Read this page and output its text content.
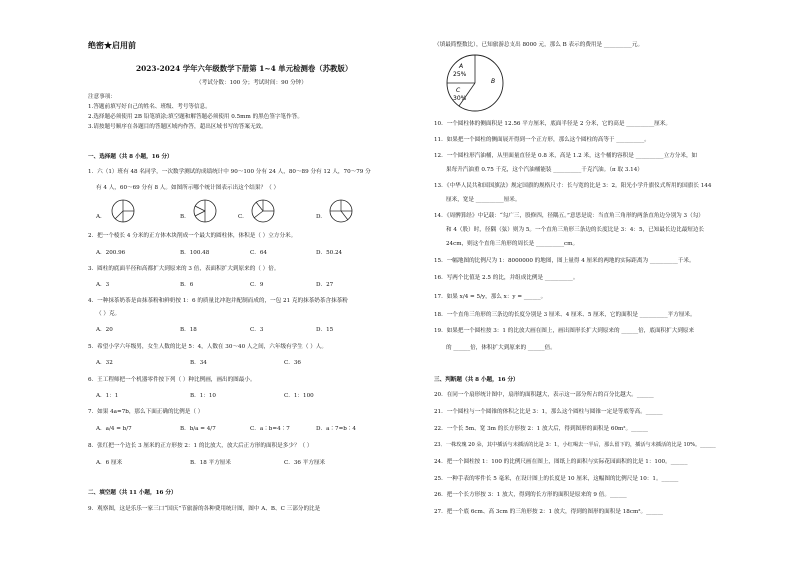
绝密★启用前
2023-2024 学年六年级数学下册第 1~4 单元检测卷（苏教版）
（考试分数：100 分；考试时间：90 分钟）
注意事项：
1.答题前填写好自己的姓名、班级、考号等信息。
2.选择题必须使用 2B 铅笔填涂;填空题和解答题必须使用 0.5mm 的黑色签字笔作答。
3.请按题号顺序在各题目的答题区域内作答，超出区域书写的答案无效。
一、选择题（共 8 小题，16 分）
1．六（1）班有 48 名同学，一次数学测试的成绩统计中 90～100 分有 24 人，80～89 分有 12 人，70～79 分
有 4 人，60～69 分有 8 人。如图所示哪个统计图表示出这个结果？（ ）
A.	B.	C.	D.
2．把一个棱长 4 分米的正方体木块削成一个最大的圆柱体，体积是（ ）立方分米。
A．200.96	B．100.48	C．64	D．50.24
3．圆柱的底面半径和高都扩大到原来的 3 倍，表面积扩大到原来的（ ）倍。
A．3	B．6	C．9	D．27
4．一种抹茶奶茶是由抹茶粉和鲜奶按 1：6 的质量比冲泡并配制而成的，一包 21 克的抹茶奶茶含抹茶粉
（ ）克。
A．20	B．18	C．3	D．15
5．希望小学六年级男，女生人数的比是 5：4，人数在 30～40 人之间，六年级有学生（ ）人。
A．32	B．34	C．36
6．王工程师把一个机器零件按下列（ ）种比例画，画出的图最小。
A．1：1	B．1：10	C．1：100
7．如果 4a=7b，那么下面正确的比例是（ ）
A．a/4 = b/7	B．b/a = 4/7	C．a∶b=4∶7	D．a∶7=b∶4
8．张红把一个边长 3 厘米的正方形按 2：1 的比放大，放大后正方形的面积是多少？（ ）
A．6 厘米	B．18 平方厘米	C．36 平方厘米
二、填空题（共 11 小题，16 分）
9．观察图，这是乐乐一家三口“国庆”节旅游的各种费用统计图，图中 A、B、C 三部分的比是
（填最简整数比），已知旅游总支出 8000 元，那么 B 表示的费用是 __________元。
A
25%
B
C
30%
10．一个圆柱体的侧面积是 12.56 平方厘米，底面半径是 2 分米，它的高是 __________厘米。
11．如果把一个圆柱的侧面展开得到一个正方形，那么这个圆柱的高等于 __________。
12．一个圆柱形汽油桶，从里面量直径是 0.8 米，高是 1.2 米，这个桶的容积是 __________立方分米，如
果每升汽油重 0.75 千克，这个汽油桶能装 __________千克汽油。（π 取 3.14）
13．《中华人民共和国国旗法》规定国旗的规格尺寸：长与宽的比是 3：2。阳光小学升旗仪式所用的国旗长 144
厘米，宽是 __________厘米。
14．《周髀算经》中记载：“勾广三，股修四，径隅五。”意思是说：当直角三角形的两条直角边分别为 3（勾）
和 4（股）时，径隅（弦）则为 5。一个直角三角形三条边的长度比是 3：4：5，已知最长边比最短边长
24cm，则这个直角三角形的周长是 __________cm。
15．一幅地图的比例尺为 1：8000000 的地图，图上量得 4 厘米的两地的实际距离为 __________千米。
16．写两个比值是 2.5 的比，并组成比例是 __________。
17．如果 x/4 = 5/y，那么 x：y = ______。
18．一个直角三角形的三条边的长度分别是 3 厘米、4 厘米、5 厘米，它的面积是 __________平方厘米。
19．如果把一个圆柱按 3：1 的比放大画在图上，画出图形长扩大到原来的 ______倍，底面积扩大到原来
的 ______倍，体积扩大到原来的 ______倍。
三、判断题（共 8 小题，16 分）
20．在同一个扇形统计图中，扇形的面积越大，表示这一部分所占的百分比越大。______
21．一个圆柱与一个圆锥的体积之比是 3：1，那么这个圆柱与圆锥一定是等底等高。______
22．一个长 5m、宽 3m 的长方形按 2：1 放大后，得到图形的面积是 60m²。______
23．一株玫瑰 20 朵，其中插活与未插活的比是 3：1，小红喝去一半后，那么留下的，插活与未插活的比是 10%。______
24．把一个圆柱按 1：100 的比例尺画在图上，图纸上的面积与实际花园面积的比是 1：100。______
25．一种手表的零件长 5 毫米，在设计图上的长度是 10 厘米，这幅图的比例尺是 10：1。______
26．把一个长方形按 3：1 放大，得到的长方形的面积是原来的 9 倍。______
27．把一个底 6cm、高 3cm 的三角形按 2：1 放大，得到的图形的面积是 18cm²。______
